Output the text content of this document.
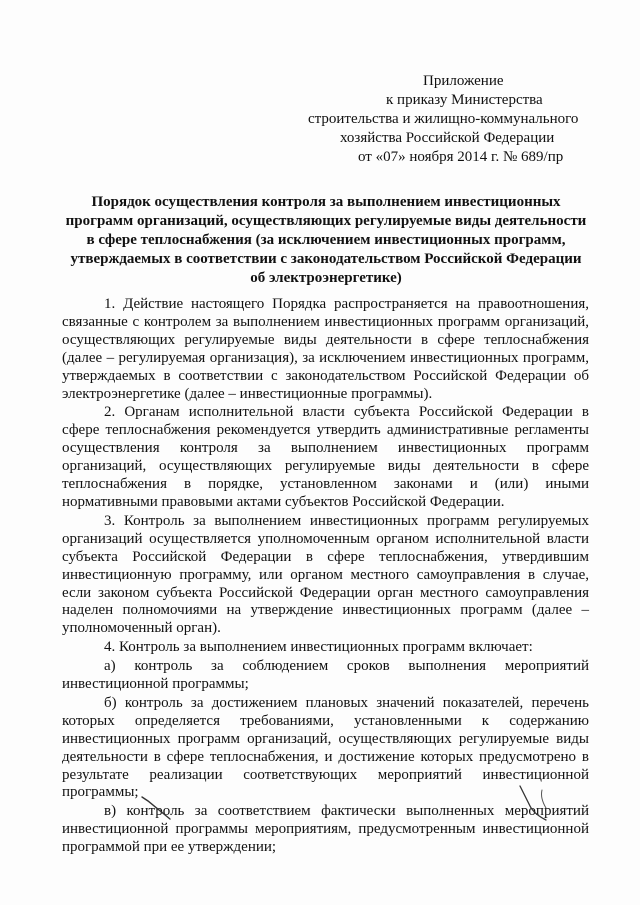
Приложение
к приказу Министерства
строительства и жилищно-коммунального
хозяйства Российской Федерации
от «07» ноября 2014 г. № 689/пр
Порядок осуществления контроля за выполнением инвестиционных программ организаций, осуществляющих регулируемые виды деятельности в сфере теплоснабжения (за исключением инвестиционных программ, утверждаемых в соответствии с законодательством Российской Федерации об электроэнергетике)

1. Действие настоящего Порядка распространяется на правоотношения, связанные с контролем за выполнением инвестиционных программ организаций, осуществляющих регулируемые виды деятельности в сфере теплоснабжения (далее – регулируемая организация), за исключением инвестиционных программ, утверждаемых в соответствии с законодательством Российской Федерации об электроэнергетике (далее – инвестиционные программы).

2. Органам исполнительной власти субъекта Российской Федерации в сфере теплоснабжения рекомендуется утвердить административные регламенты осуществления контроля за выполнением инвестиционных программ организаций, осуществляющих регулируемые виды деятельности в сфере теплоснабжения в порядке, установленном законами и (или) иными нормативными правовыми актами субъектов Российской Федерации.

3. Контроль за выполнением инвестиционных программ регулируемых организаций осуществляется уполномоченным органом исполнительной власти субъекта Российской Федерации в сфере теплоснабжения, утвердившим инвестиционную программу, или органом местного самоуправления в случае, если законом субъекта Российской Федерации орган местного самоуправления наделен полномочиями на утверждение инвестиционных программ (далее – уполномоченный орган).

4. Контроль за выполнением инвестиционных программ включает:

а) контроль за соблюдением сроков выполнения мероприятий инвестиционной программы;

б) контроль за достижением плановых значений показателей, перечень которых определяется требованиями, установленными к содержанию инвестиционных программ организаций, осуществляющих регулируемые виды деятельности в сфере теплоснабжения, и достижение которых предусмотрено в результате реализации соответствующих мероприятий инвестиционной программы;

в) контроль за соответствием фактически выполненных мероприятий инвестиционной программы мероприятиям, предусмотренным инвестиционной программой при ее утверждении;
